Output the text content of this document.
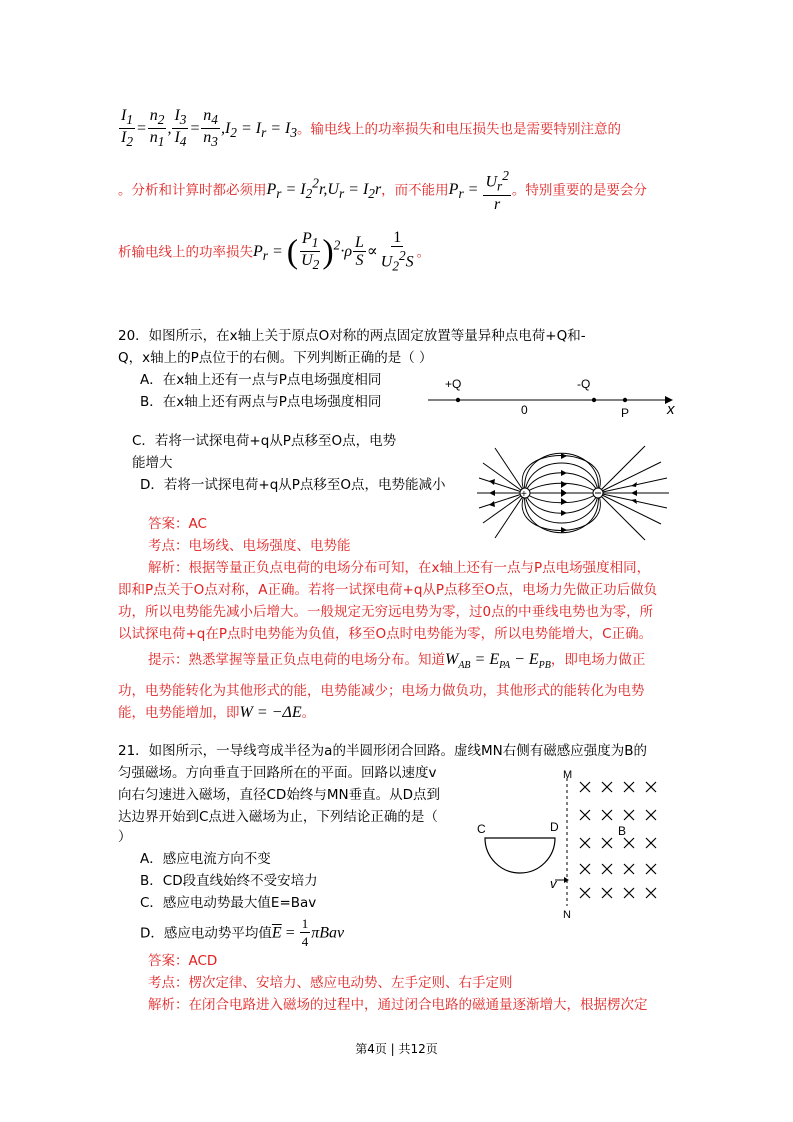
$\frac{I_1}{I_2} = \frac{n_2}{n_1}$ , $\frac{I_3}{I_4} = \frac{n_4}{n_3} ,I_2 = I_r = I_3$。输电线上的功率损失和电压损失也是需要特别注意的
。分析和计算时都必须用$P_r = I_2^2r,U_r = I_2r$，而不能用$P_r = \frac{U_r^2}{r}$ 。特别重要的是要会分
析输电线上的功率损失$P_r$ = ( $\frac{P_1}{U_2} )^2\cdot\rho \frac{L}{S} \propto \frac{1}{U_2^2S}$ 。
20．如图所示，在x轴上关于原点O对称的两点固定放置等量异种点电荷+Q和-
Q，x轴上的P点位于的右侧。下列判断正确的是（ ）
A．在x轴上还有一点与P点电场强度相同
B．在x轴上还有两点与P点电场强度相同
C．若将一试探电荷+q从P点移至O点，电势
能增大
D．若将一试探电荷+q从P点移至O点，电势能减小
+Q
0
-Q
P	x
+
答案：AC
考点：电场线、电场强度、电势能
解析：根据等量正负点电荷的电场分布可知，在x轴上还有一点与P点电场强度相同，
即和P点关于O点对称，A正确。若将一试探电荷+q从P点移至O点，电场力先做正功后做负
功，所以电势能先减小后增大。一般规定无穷远电势为零，过0点的中垂线电势也为零，所
以试探电荷+q在P点时电势能为负值，移至O点时电势能为零，所以电势能增大，C正确。
提示：熟悉掌握等量正负点电荷的电场分布。知道$W_{AB} = E_{PA} - E_{PB}$，即电场力做正
功，电势能转化为其他形式的能，电势能减少；电场力做负功，其他形式的能转化为电势
能，电势能增加，即W = −ΔE。
21．如图所示，一导线弯成半径为a的半圆形闭合回路。虚线MN右侧有磁感应强度为B的
匀强磁场。方向垂直于回路所在的平面。回路以速度v
向右匀速进入磁场，直径CD始终与MN垂直。从D点到
达边界开始到C点进入磁场为止，下列结论正确的是（
）
A．感应电流方向不变
B．CD段直线始终不受安培力
C．感应电动势最大值E=Bav
D．感应电动势平均值$\overline{E} = \frac{1}{4}$ πBav
M
N
C	D
v
B
答案：ACD
考点：楞次定律、安培力、感应电动势、左手定则、右手定则
解析：在闭合电路进入磁场的过程中，通过闭合电路的磁通量逐渐增大，根据楞次定
第4页 | 共12页
